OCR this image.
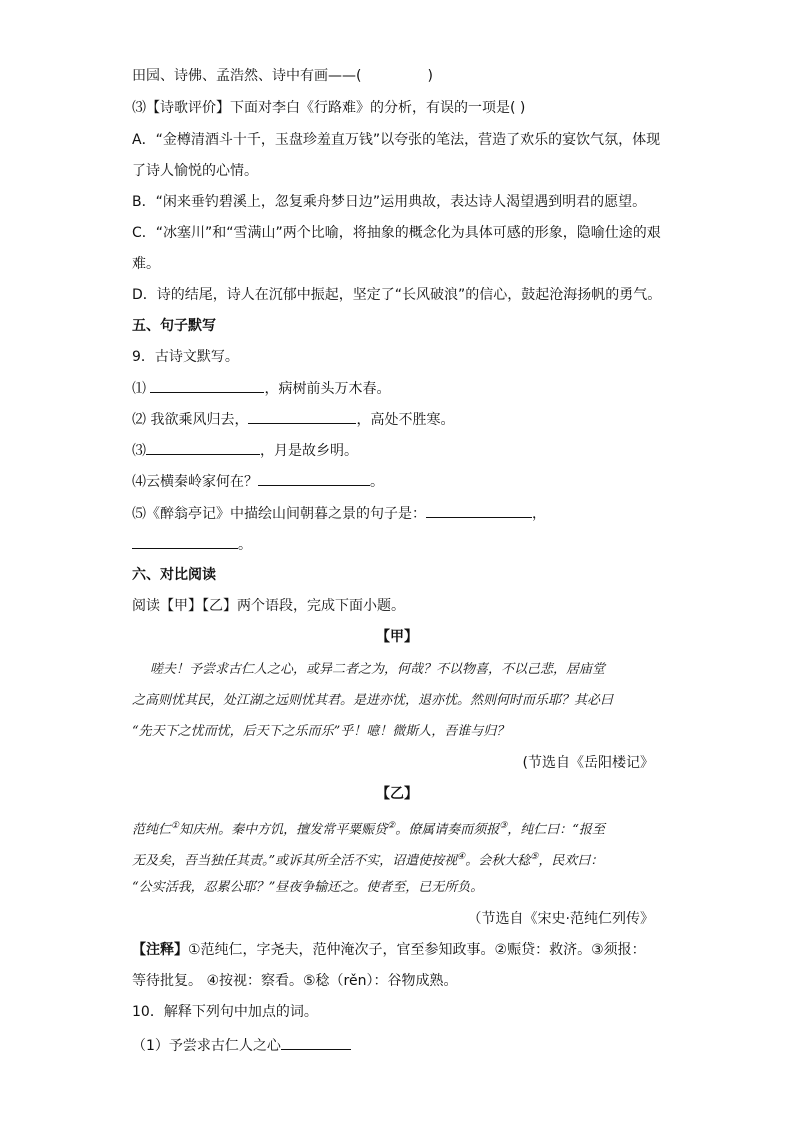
田园、诗佛、孟浩然、诗中有画——(	)
⑶【诗歌评价】下面对李白《行路难》的分析，有误的一项是( )
A．“金樽清酒斗十千，玉盘珍羞直万钱”以夸张的笔法，营造了欢乐的宴饮气氛，体现
了诗人愉悦的心情。
B．“闲来垂钓碧溪上，忽复乘舟梦日边”运用典故，表达诗人渴望遇到明君的愿望。
C．“冰塞川”和“雪满山”两个比喻，将抽象的概念化为具体可感的形象，隐喻仕途的艰
难。
D．诗的结尾，诗人在沉郁中振起，坚定了“长风破浪”的信心，鼓起沧海扬帆的勇气。
五、句子默写
9．古诗文默写。
⑴	，病树前头万木春。
⑵ 我欲乘风归去，	，高处不胜寒。
⑶	，月是故乡明。
⑷云横秦岭家何在？	。
⑸《醉翁亭记》中描绘山间朝暮之景的句子是：	，
。
六、对比阅读
阅读【甲】【乙】两个语段，完成下面小题。
【甲】
嗟夫！予尝求古仁人之心，或异二者之为，何哉？不以物喜，不以己悲，居庙堂
之高则忧其民，处江湖之远则忧其君。是进亦忧，退亦忧。然则何时而乐耶？其必曰
“先天下之忧而忧，后天下之乐而乐”乎！噫！微斯人，吾谁与归？
(节选自《岳阳楼记》
【乙】
范纯仁①知庆州。秦中方饥，擅发常平粟赈贷②。僚属请奏而须报③，纯仁曰：“报至
无及矣，吾当独任其责。”或诉其所全活不实，诏遣使按视④。会秋大稔⑤，民欢曰：
“公实活我，忍累公耶？”昼夜争输还之。使者至，已无所负。
（节选自《宋史·范纯仁列传》
【注释】①范纯仁，字尧夫，范仲淹次子，官至参知政事。②赈贷：救济。③须报：
等待批复。 ④按视：察看。⑤稔（rěn）：谷物成熟。
10．解释下列句中加点的词。
（1）予尝求古仁人之心
